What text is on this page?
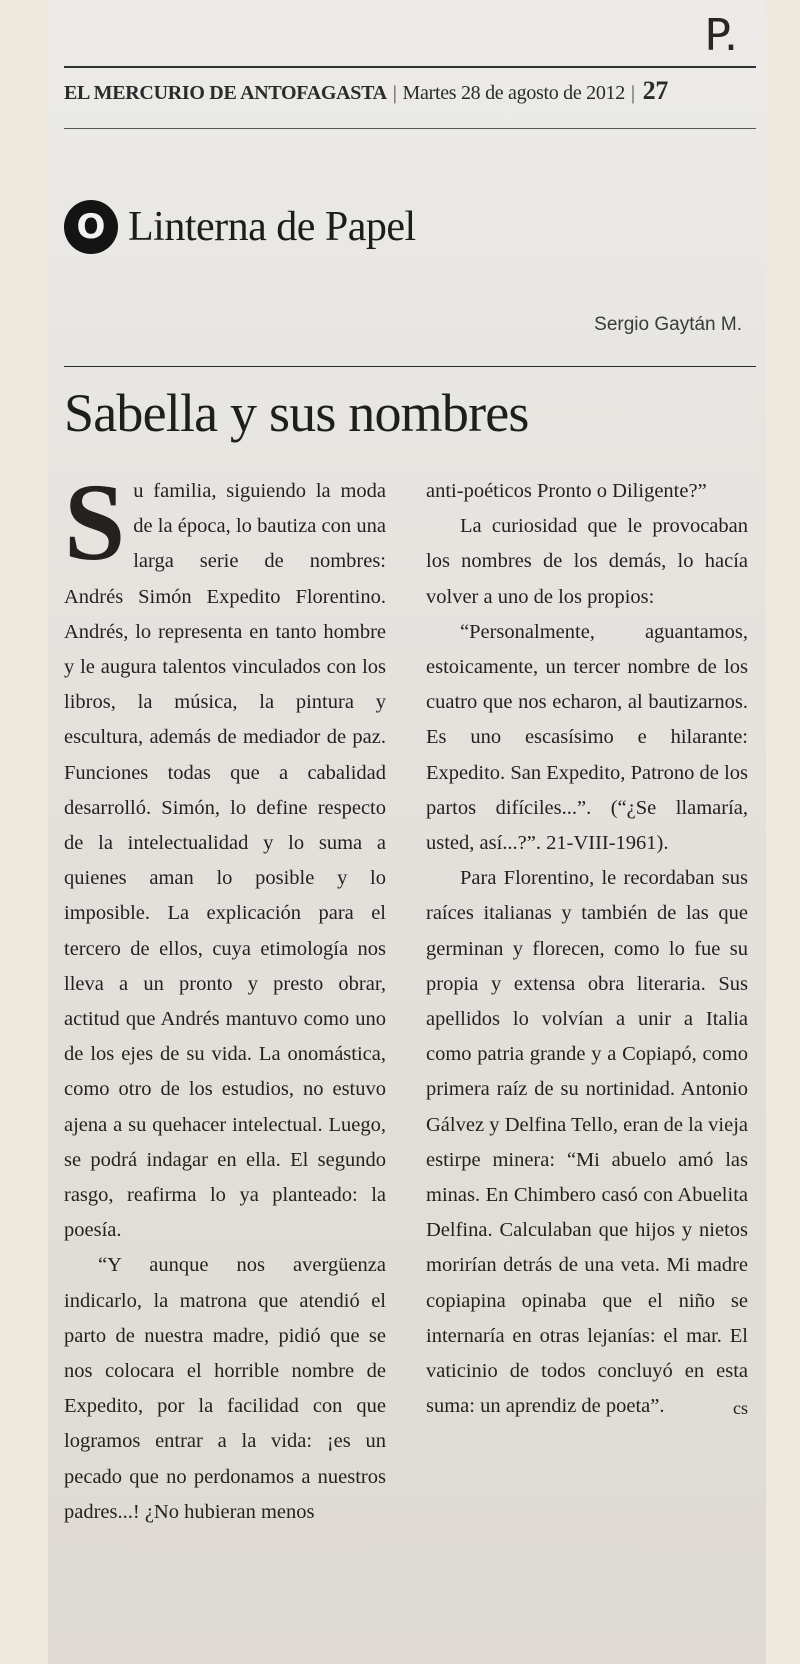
P.
EL MERCURIO DE ANTOFAGASTA | Martes 28 de agosto de 2012 | 27
O Linterna de Papel
Sergio Gaytán M.
Sabella y sus nombres

Su familia, siguiendo la moda de la época, lo bautiza con una larga serie de nombres: Andrés Simón Expedito Florentino. Andrés, lo representa en tanto hombre y le augura talentos vinculados con los libros, la música, la pintura y escultura, además de mediador de paz. Funciones todas que a cabalidad desarrolló. Simón, lo define respecto de la intelectualidad y lo suma a quienes aman lo posible y lo imposible. La explicación para el tercero de ellos, cuya etimología nos lleva a un pronto y presto obrar, actitud que Andrés mantuvo como uno de los ejes de su vida. La onomástica, como otro de los estudios, no estuvo ajena a su quehacer intelectual. Luego, se podrá indagar en ella. El segundo rasgo, reafirma lo ya planteado: la poesía.

“Y aunque nos avergüenza indicarlo, la matrona que atendió el parto de nuestra madre, pidió que se nos colocara el horrible nombre de Expedito, por la facilidad con que logramos entrar a la vida: ¡es un pecado que no perdonamos a nuestros padres...! ¿No hubieran menos

anti-poéticos Pronto o Diligente?”

La curiosidad que le provocaban los nombres de los demás, lo hacía volver a uno de los propios:

“Personalmente, aguantamos, estoicamente, un tercer nombre de los cuatro que nos echaron, al bautizarnos. Es uno escasísimo e hilarante: Expedito. San Expedito, Patrono de los partos difíciles...”. (“¿Se llamaría, usted, así...?”. 21-VIII-1961).

Para Florentino, le recordaban sus raíces italianas y también de las que germinan y florecen, como lo fue su propia y extensa obra literaria. Sus apellidos lo volvían a unir a Italia como patria grande y a Copiapó, como primera raíz de su nortinidad. Antonio Gálvez y Delfina Tello, eran de la vieja estirpe minera: “Mi abuelo amó las minas. En Chimbero casó con Abuelita Delfina. Calculaban que hijos y nietos morirían detrás de una veta. Mi madre copiapina opinaba que el niño se internaría en otras lejanías: el mar. El vaticinio de todos concluyó en esta suma: un aprendiz de poeta”.	cs
